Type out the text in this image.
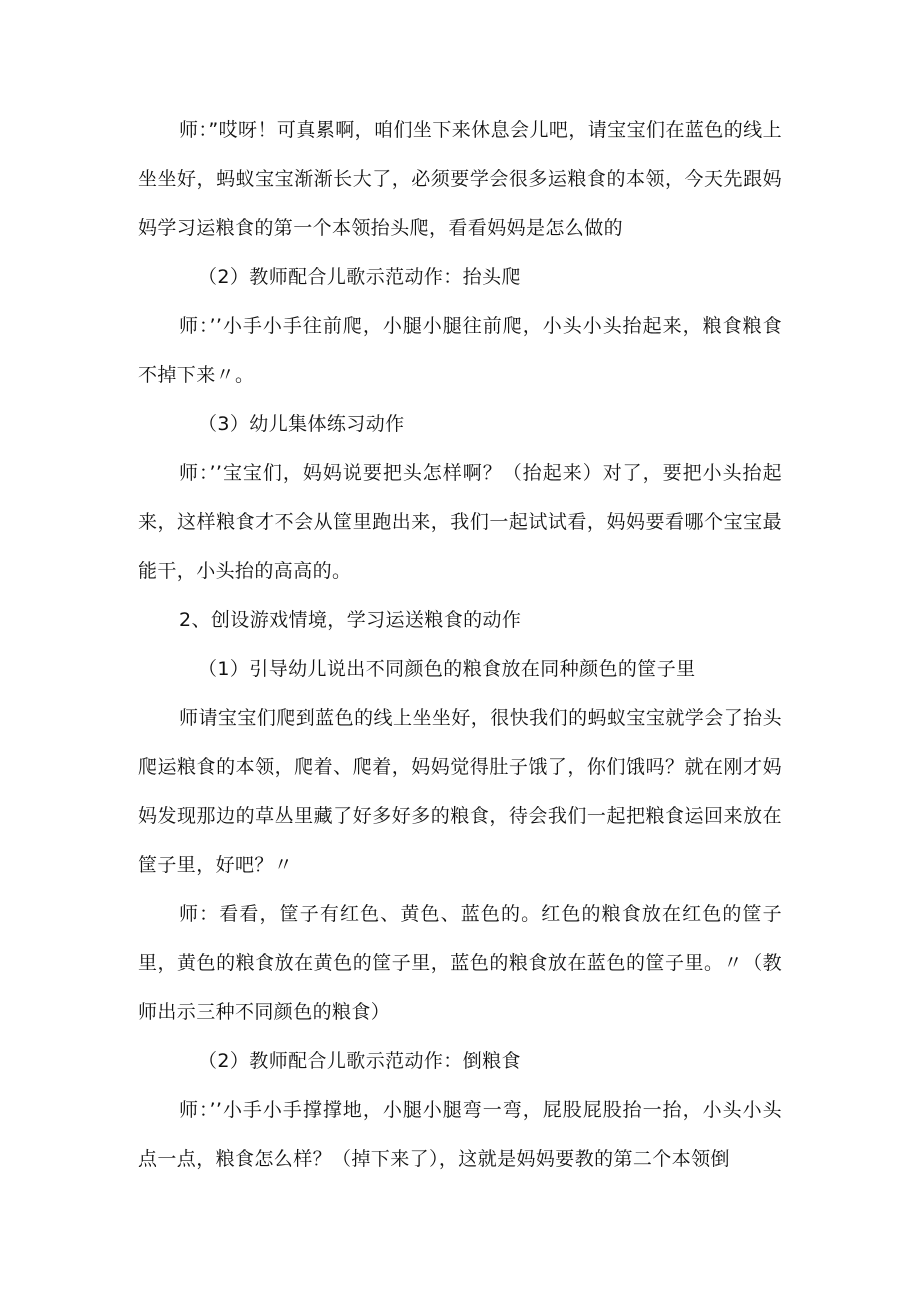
师：”哎呀！可真累啊，咱们坐下来休息会儿吧，请宝宝们在蓝色的线上坐坐好，蚂蚁宝宝渐渐长大了，必须要学会很多运粮食的本领，今天先跟妈妈学习运粮食的第一个本领抬头爬，看看妈妈是怎么做的

（2）教师配合儿歌示范动作：抬头爬

师：’’小手小手往前爬，小腿小腿往前爬，小头小头抬起来，粮食粮食不掉下来〃。

（3）幼儿集体练习动作

师：’’宝宝们，妈妈说要把头怎样啊？（抬起来）对了，要把小头抬起来，这样粮食才不会从筐里跑出来，我们一起试试看，妈妈要看哪个宝宝最能干，小头抬的高高的。

2、创设游戏情境，学习运送粮食的动作

（1）引导幼儿说出不同颜色的粮食放在同种颜色的筐子里

师请宝宝们爬到蓝色的线上坐坐好，很快我们的蚂蚁宝宝就学会了抬头爬运粮食的本领，爬着、爬着，妈妈觉得肚子饿了，你们饿吗？就在刚才妈妈发现那边的草丛里藏了好多好多的粮食，待会我们一起把粮食运回来放在筐子里，好吧？〃

师：看看，筐子有红色、黄色、蓝色的。红色的粮食放在红色的筐子里，黄色的粮食放在黄色的筐子里，蓝色的粮食放在蓝色的筐子里。〃（教师出示三种不同颜色的粮食）

（2）教师配合儿歌示范动作：倒粮食

师：’’小手小手撑撑地，小腿小腿弯一弯，屁股屁股抬一抬，小头小头点一点，粮食怎么样？（掉下来了），这就是妈妈要教的第二个本领倒
